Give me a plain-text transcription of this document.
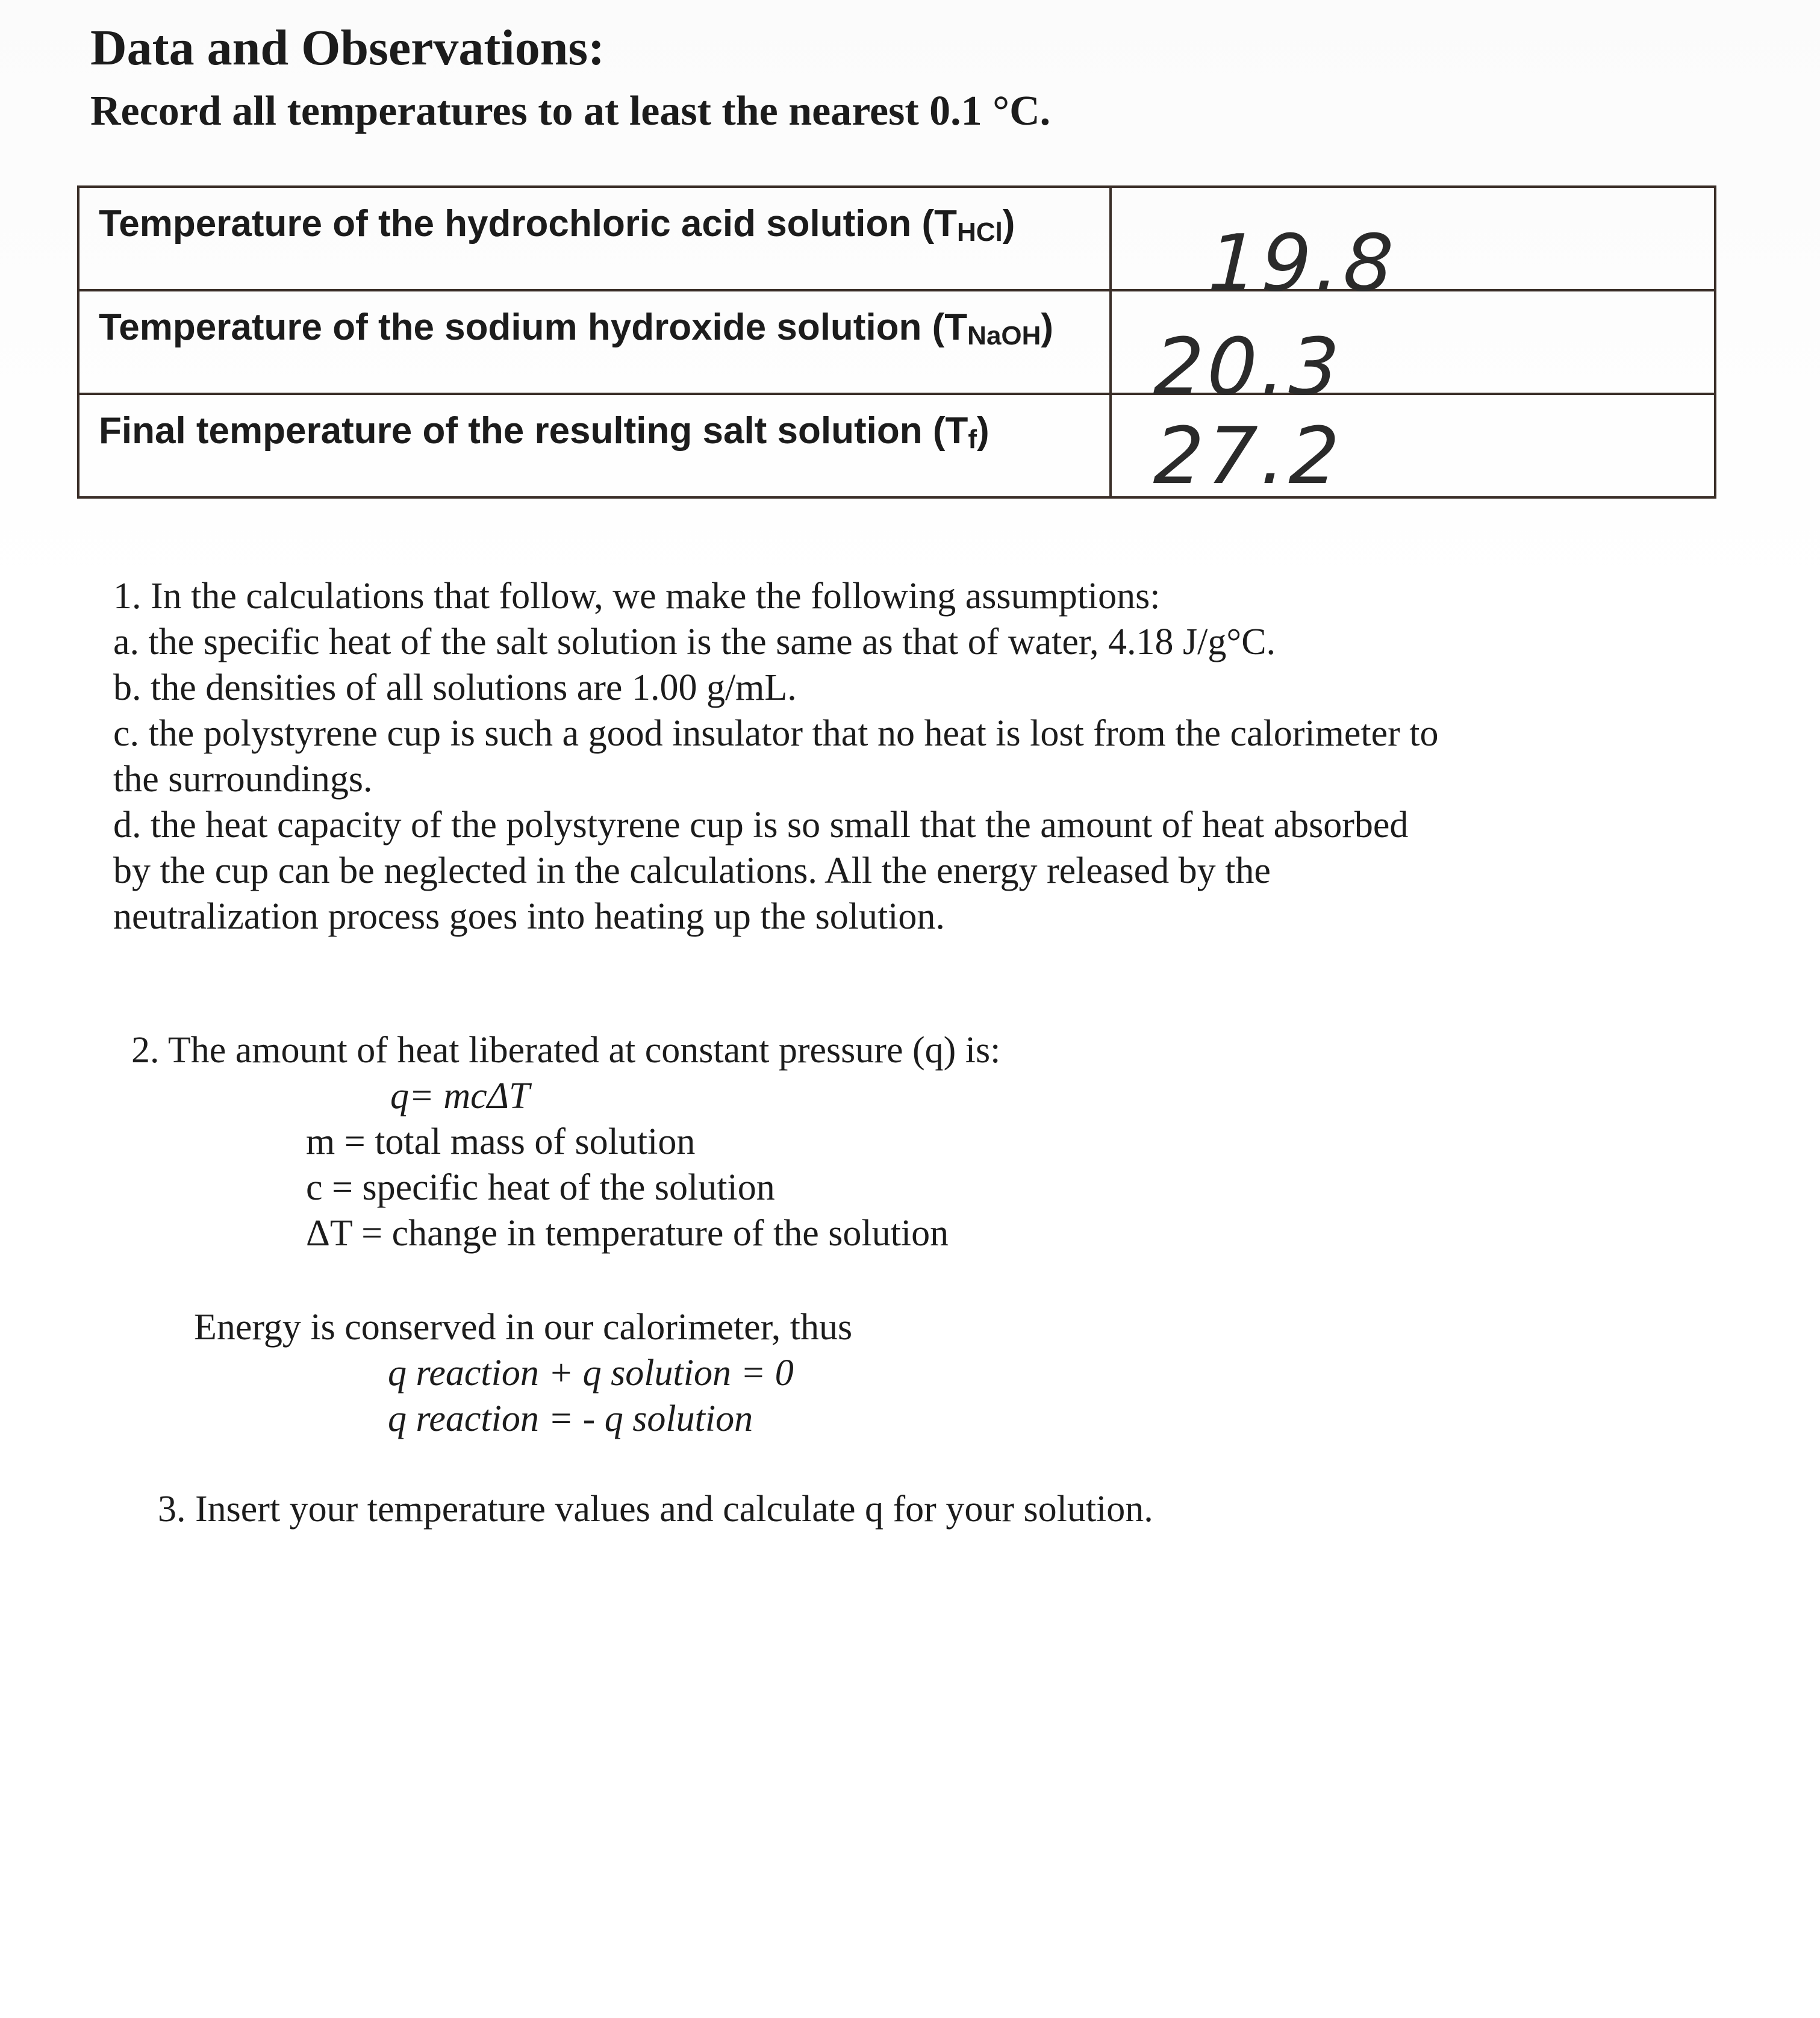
Data and Observations:
Record all temperatures to at least the nearest 0.1 °C.
Temperature of the hydrochloric acid solution (THCl)	19.8

Temperature of the sodium hydroxide solution (TNaOH)	20.3

Final temperature of the resulting salt solution (Tf)	27.2

1. In the calculations that follow, we make the following assumptions:

a. the specific heat of the salt solution is the same as that of water, 4.18 J/g°C.

b. the densities of all solutions are 1.00 g/mL.

c. the polystyrene cup is such a good insulator that no heat is lost from the calorimeter to

the surroundings.

d. the heat capacity of the polystyrene cup is so small that the amount of heat absorbed

by the cup can be neglected in the calculations. All the energy released by the

neutralization process goes into heating up the solution.

2. The amount of heat liberated at constant pressure (q) is:

q= mcΔT

m = total mass of solution

c = specific heat of the solution

ΔT = change in temperature of the solution

Energy is conserved in our calorimeter, thus

q reaction + q solution = 0

q reaction = - q solution

3. Insert your temperature values and calculate q for your solution.
